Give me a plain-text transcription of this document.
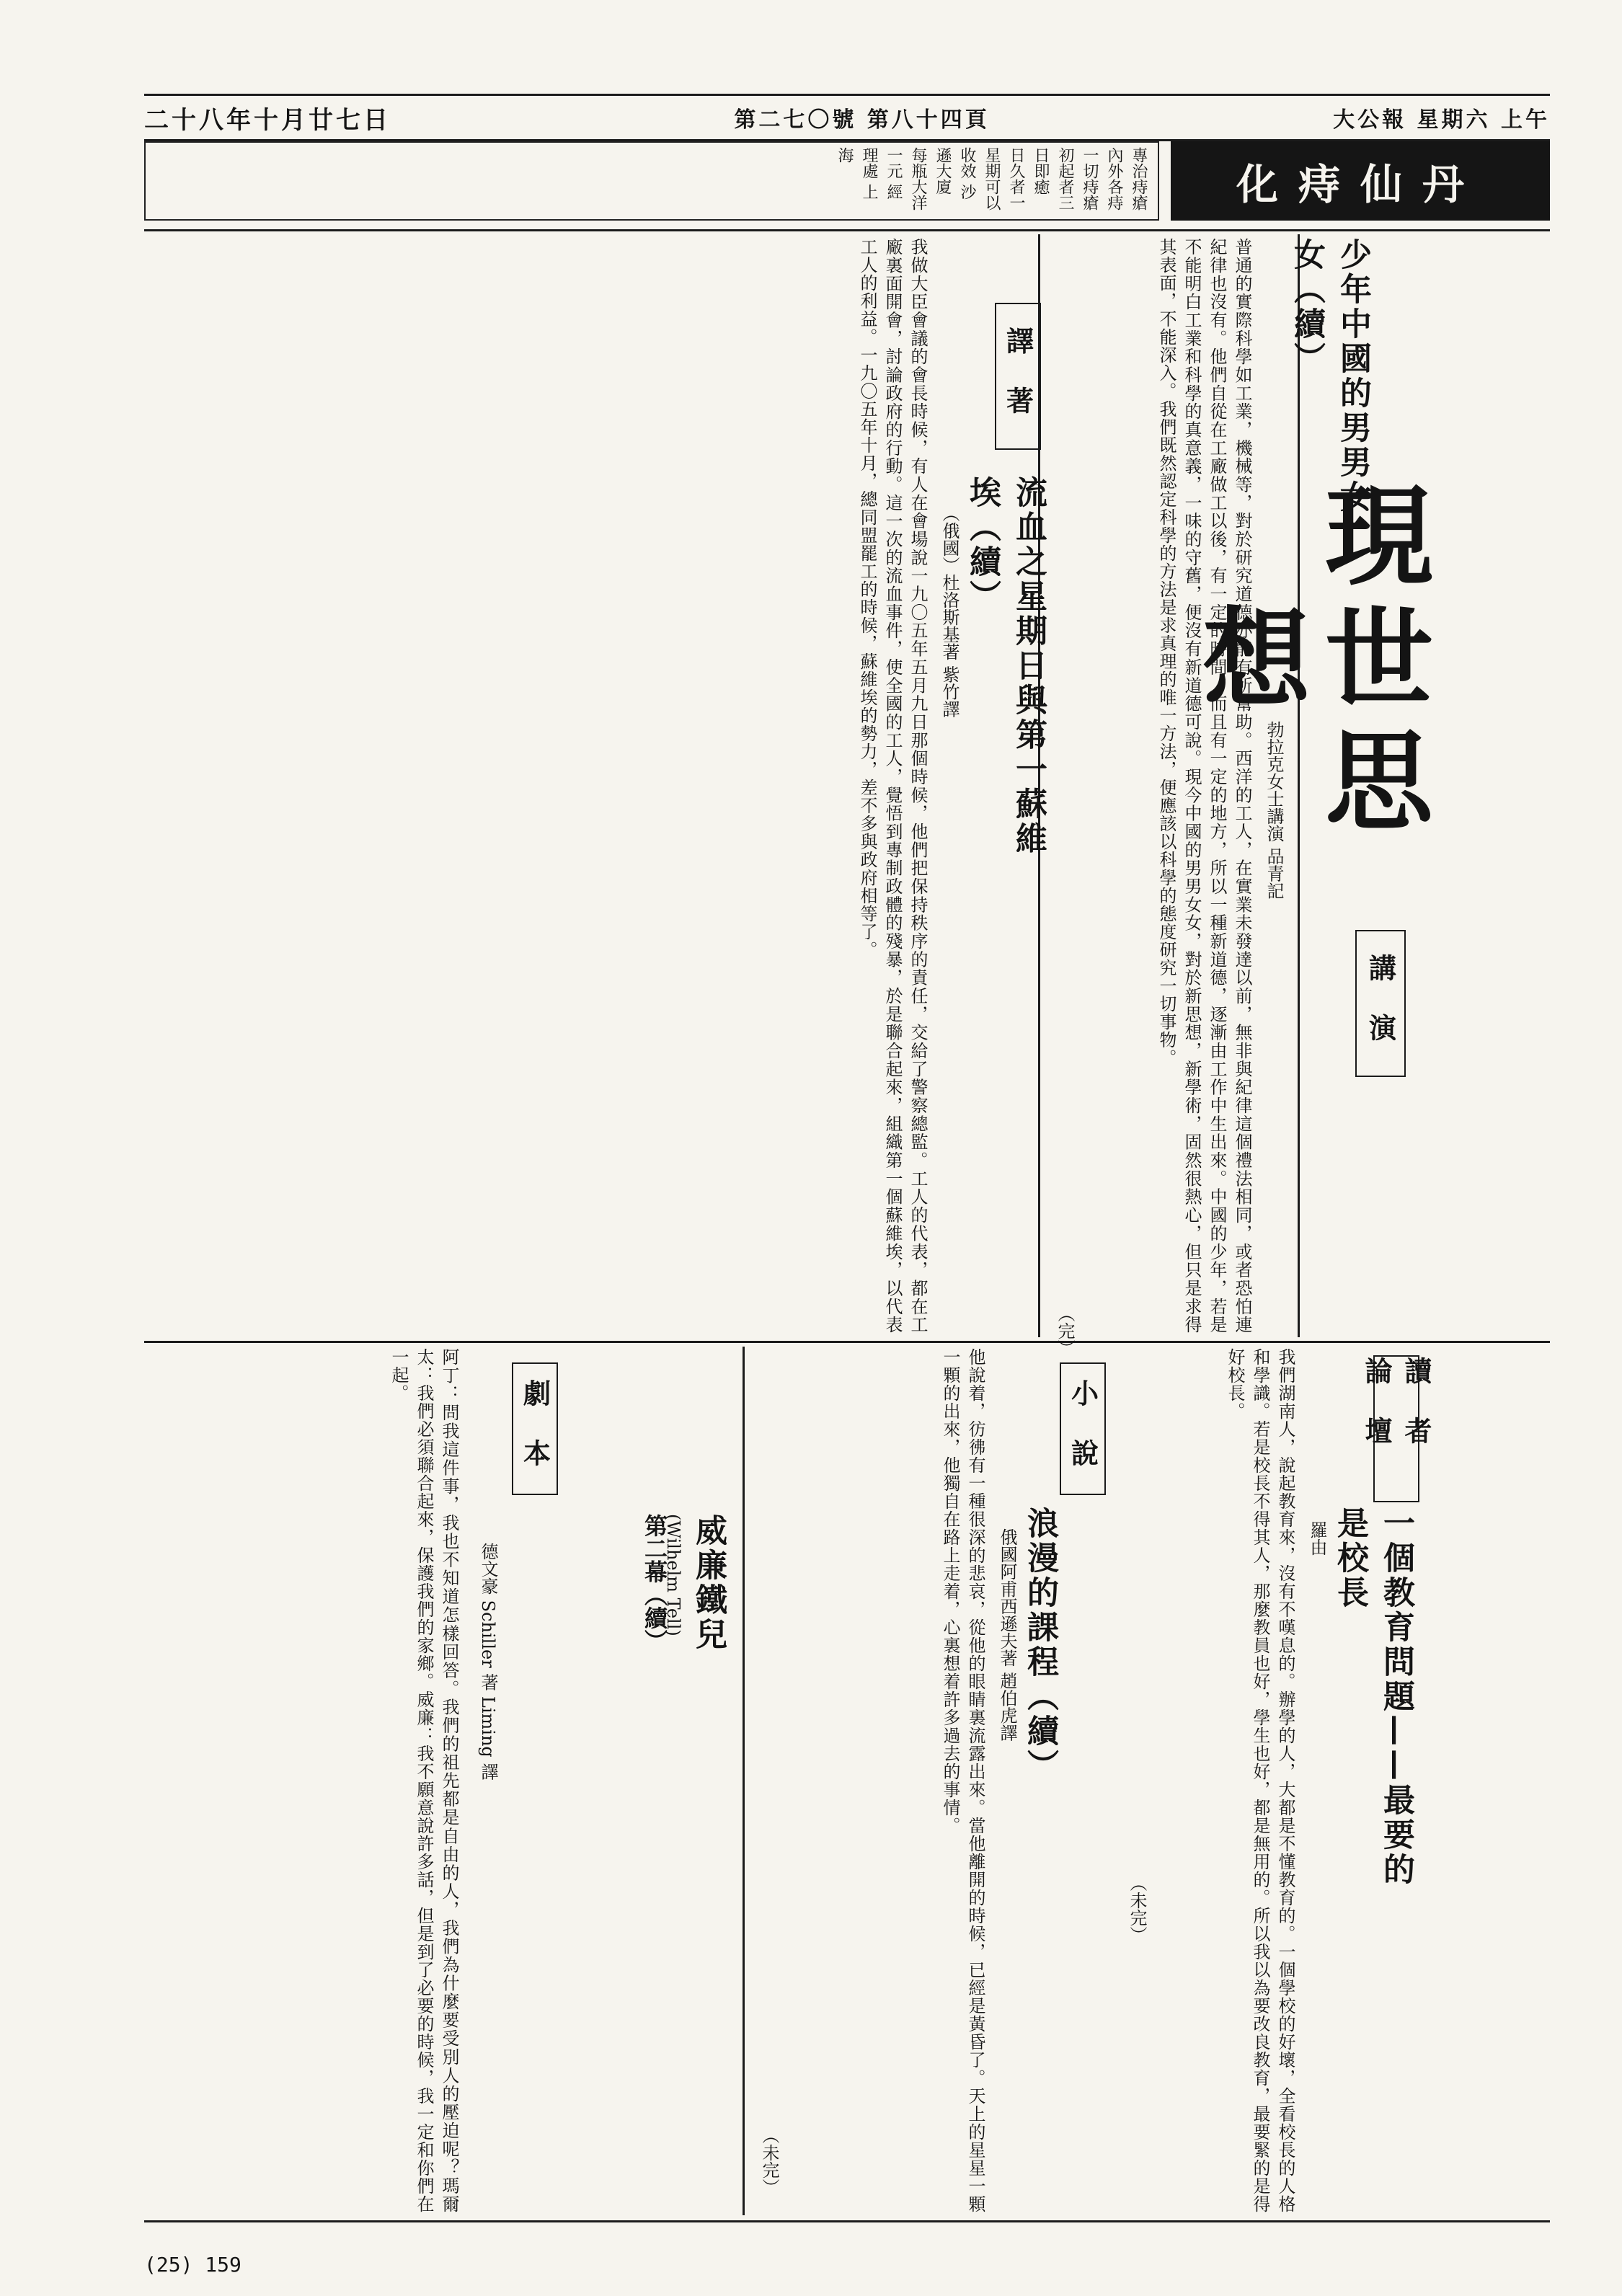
二十八年十月廿七日	第二七〇號 第八十四頁	大公報 星期六 上午
專治痔瘡內外各痔一切痔瘡 初起者三日即癒 日久者一星期可以收效 沙遜大廈 每瓶大洋一元 經理處 上海
化痔仙丹
現世思想
講 演
譯 著
讀 者 論 壇
小 說
劇 本
少年中國的男男女女（續）
勃拉克女士講演 品青記
普通的實際科學如工業，機械等，對於研究道德亦能有所幫助。西洋的工人，在實業未發達以前，無非與紀律這個禮法相同，或者恐怕連紀律也沒有。他們自從在工廠做工以後，有一定的時間，而且有一定的地方，所以一種新道德，逐漸由工作中生出來。中國的少年，若是不能明白工業和科學的真意義，一味的守舊，便沒有新道德可說。現今中國的男男女女，對於新思想，新學術，固然很熱心，但只是求得其表面，不能深入。我們既然認定科學的方法是求真理的唯一方法，便應該以科學的態度研究一切事物。
（完）
流血之星期日與第一蘇維埃（續）
（俄國）杜洛斯基著 紫竹譯
我做大臣會議的會長時候，有人在會場說一九〇五年五月九日那個時候，他們把保持秩序的責任，交給了警察總監。工人的代表，都在工廠裏面開會，討論政府的行動。這一次的流血事件，使全國的工人，覺悟到專制政體的殘暴，於是聯合起來，組織第一個蘇維埃，以代表工人的利益。一九〇五年十月，總同盟罷工的時候，蘇維埃的勢力，差不多與政府相等了。
一個教育問題——最要的是校長
羅由
我們湖南人，說起教育來，沒有不嘆息的。辦學的人，大都是不懂教育的。一個學校的好壞，全看校長的人格和學識。若是校長不得其人，那麼教員也好，學生也好，都是無用的。所以我以為要改良教育，最要緊的是得好校長。
（未完）
浪漫的課程（續）
俄國阿甫西遜夫著 趙伯虎譯
他說着，彷彿有一種很深的悲哀，從他的眼睛裏流露出來。當他離開的時候，已經是黃昏了。天上的星星一顆一顆的出來，他獨自在路上走着，心裏想着許多過去的事情。
（未完）
威廉鐵兒
(Wilhelm Tell)
第二幕（續）
德文豪 Schiller 著 Liming 譯
阿丁：問我這件事，我也不知道怎樣回答。我們的祖先都是自由的人，我們為什麼要受別人的壓迫呢？瑪爾太：我們必須聯合起來，保護我們的家鄉。威廉：我不願意說許多話，但是到了必要的時候，我一定和你們在一起。
(25) 159
